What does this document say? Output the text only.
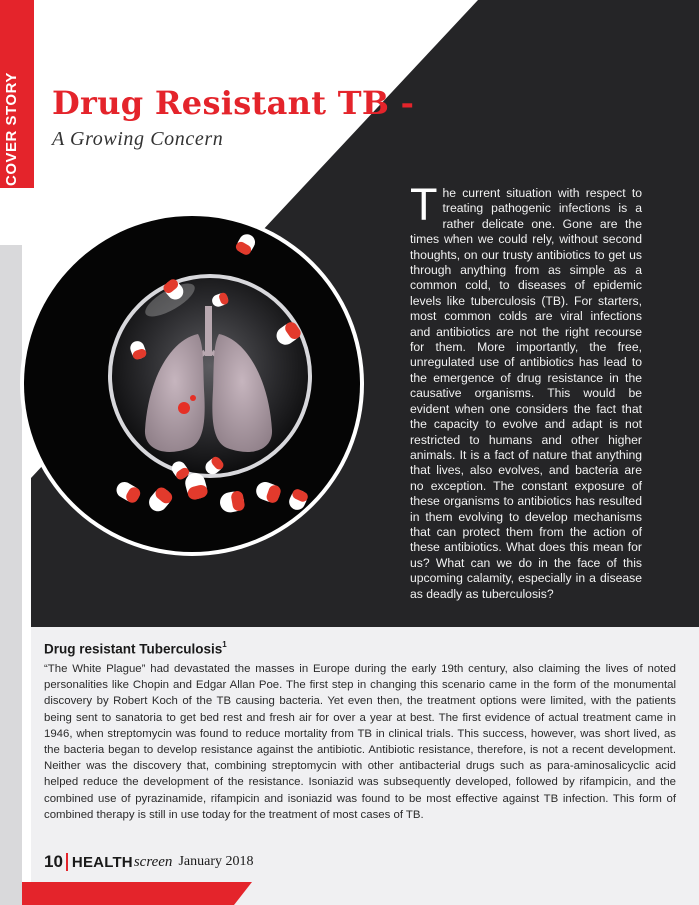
COVER STORY Drug Resistant TB -
A Growing Concern

The current situation with respect to treating pathogenic infections is a rather delicate one. Gone are the times when we could rely, without second thoughts, on our trusty antibiotics to get us through anything from as simple as a common cold, to diseases of epidemic levels like tuberculosis (TB). For starters, most common colds are viral infections and antibiotics are not the right recourse for them. More importantly, the free, unregulated use of antibiotics has lead to the emergence of drug resistance in the causative organisms. This would be evident when one considers the fact that the capacity to evolve and adapt is not restricted to humans and other higher animals. It is a fact of nature that anything that lives, also evolves, and bacteria are no exception. The constant exposure of these organisms to antibiotics has resulted in them evolving to develop mechanisms that can protect them from the action of these antibiotics. What does this mean for us? What can we do in the face of this upcoming calamity, especially in a disease as deadly as tuberculosis?

Drug resistant Tuberculosis$^1$

“The White Plague” had devastated the masses in Europe during the early 19th century, also claiming the lives of noted personalities like Chopin and Edgar Allan Poe. The first step in changing this scenario came in the form of the monumental discovery by Robert Koch of the TB causing bacteria. Yet even then, the treatment options were limited, with the patients being sent to sanatoria to get bed rest and fresh air for over a year at best. The first evidence of actual treatment came in 1946, when streptomycin was found to reduce mortality from TB in clinical trials. This success, however, was short lived, as the bacteria began to develop resistance against the antibiotic. Antibiotic resistance, therefore, is not a recent development. Neither was the discovery that, combining streptomycin with other antibacterial drugs such as para-aminosalicyclic acid helped reduce the development of the resistance. Isoniazid was subsequently developed, followed by rifampicin, and the combined use of pyrazinamide, rifampicin and isoniazid was found to be most effective against TB infection. This form of combined therapy is still in use today for the treatment of most cases of TB.

10 HEALTH screen January 2018
